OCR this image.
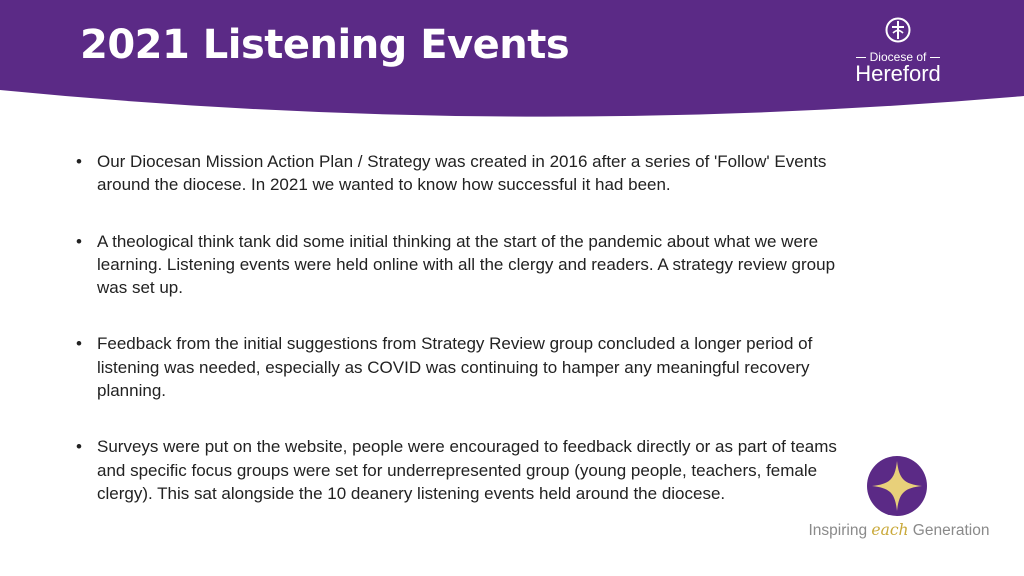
2021 Listening Events	Diocese of
Hereford
• Our Diocesan Mission Action Plan / Strategy was created in 2016 after a series of 'Follow' Events around the diocese. In 2021 we wanted to know how successful it had been.
• A theological think tank did some initial thinking at the start of the pandemic about what we were learning. Listening events were held online with all the clergy and readers. A strategy review group was set up.
• Feedback from the initial suggestions from Strategy Review group concluded a longer period of listening was needed, especially as COVID was continuing to hamper any meaningful recovery planning.
• Surveys were put on the website, people were encouraged to feedback directly or as part of teams and specific focus groups were set for underrepresented group (young people, teachers, female clergy). This sat alongside the 10 deanery listening events held around the diocese.
Inspiring each Generation
